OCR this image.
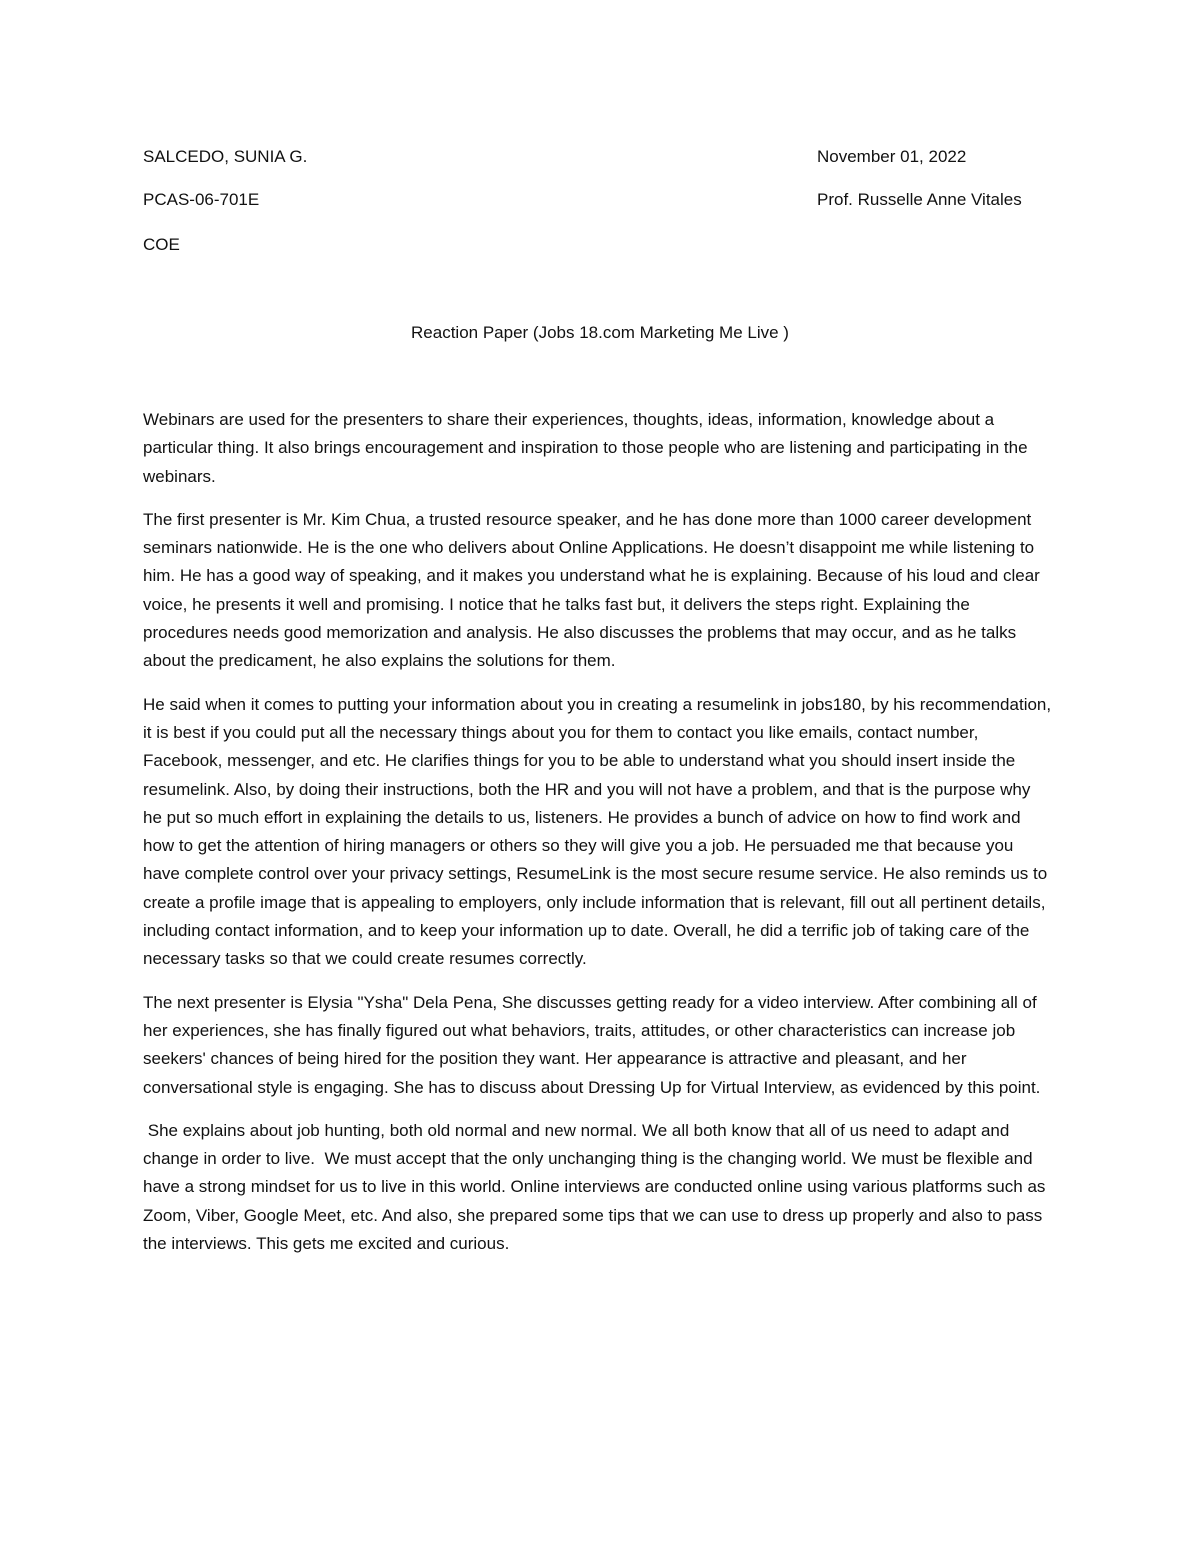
SALCEDO, SUNIA G.	November 01, 2022
PCAS-06-701E	Prof. Russelle Anne Vitales
COE
Reaction Paper (Jobs 18.com Marketing Me Live )

Webinars are used for the presenters to share their experiences, thoughts, ideas, information, knowledge about a particular thing. It also brings encouragement and inspiration to those people who are listening and participating in the webinars.

The first presenter is Mr. Kim Chua, a trusted resource speaker, and he has done more than 1000 career development seminars nationwide. He is the one who delivers about Online Applications. He doesn’t disappoint me while listening to him. He has a good way of speaking, and it makes you understand what he is explaining. Because of his loud and clear voice, he presents it well and promising. I notice that he talks fast but, it delivers the steps right. Explaining the procedures needs good memorization and analysis. He also discusses the problems that may occur, and as he talks about the predicament, he also explains the solutions for them.

He said when it comes to putting your information about you in creating a resumelink in jobs180, by his recommendation, it is best if you could put all the necessary things about you for them to contact you like emails, contact number, Facebook, messenger, and etc. He clarifies things for you to be able to understand what you should insert inside the resumelink. Also, by doing their instructions, both the HR and you will not have a problem, and that is the purpose why he put so much effort in explaining the details to us, listeners. He provides a bunch of advice on how to find work and how to get the attention of hiring managers or others so they will give you a job. He persuaded me that because you have complete control over your privacy settings, ResumeLink is the most secure resume service. He also reminds us to create a profile image that is appealing to employers, only include information that is relevant, fill out all pertinent details, including contact information, and to keep your information up to date. Overall, he did a terrific job of taking care of the necessary tasks so that we could create resumes correctly.

The next presenter is Elysia "Ysha" Dela Pena, She discusses getting ready for a video interview. After combining all of her experiences, she has finally figured out what behaviors, traits, attitudes, or other characteristics can increase job seekers' chances of being hired for the position they want. Her appearance is attractive and pleasant, and her conversational style is engaging. She has to discuss about Dressing Up for Virtual Interview, as evidenced by this point.

She explains about job hunting, both old normal and new normal. We all both know that all of us need to adapt and change in order to live.  We must accept that the only unchanging thing is the changing world. We must be flexible and have a strong mindset for us to live in this world. Online interviews are conducted online using various platforms such as Zoom, Viber, Google Meet, etc. And also, she prepared some tips that we can use to dress up properly and also to pass the interviews. This gets me excited and curious.
